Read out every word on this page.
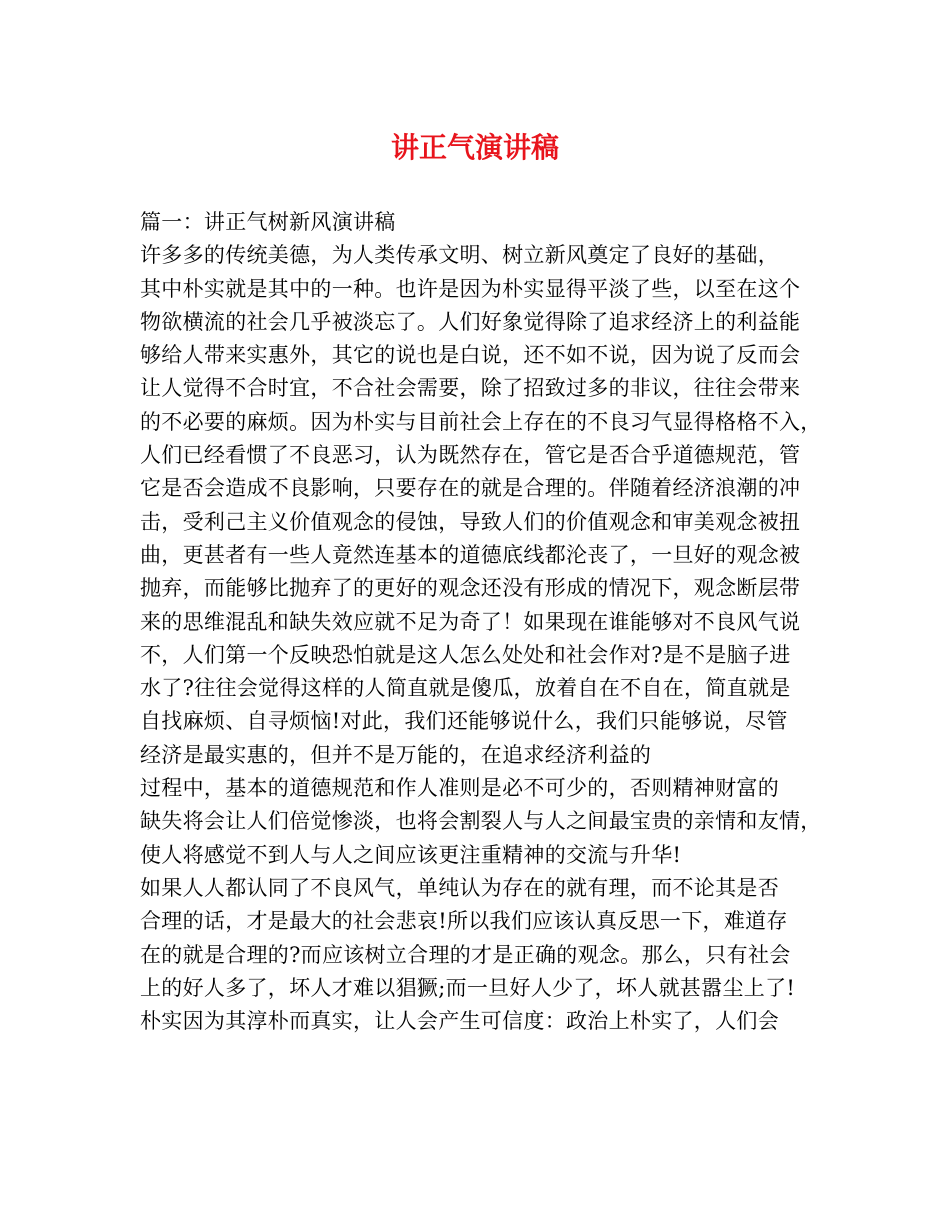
讲正气演讲稿
篇一：讲正气树新风演讲稿
许多多的传统美德，为人类传承文明、树立新风奠定了良好的基础，
其中朴实就是其中的一种。也许是因为朴实显得平淡了些，以至在这个
物欲横流的社会几乎被淡忘了。人们好象觉得除了追求经济上的利益能
够给人带来实惠外，其它的说也是白说，还不如不说，因为说了反而会
让人觉得不合时宜，不合社会需要，除了招致过多的非议，往往会带来
的不必要的麻烦。因为朴实与目前社会上存在的不良习气显得格格不入，
人们已经看惯了不良恶习，认为既然存在，管它是否合乎道德规范，管
它是否会造成不良影响，只要存在的就是合理的。伴随着经济浪潮的冲
击，受利己主义价值观念的侵蚀，导致人们的价值观念和审美观念被扭
曲，更甚者有一些人竟然连基本的道德底线都沦丧了，一旦好的观念被
抛弃，而能够比抛弃了的更好的观念还没有形成的情况下，观念断层带
来的思维混乱和缺失效应就不足为奇了！如果现在谁能够对不良风气说
不，人们第一个反映恐怕就是这人怎么处处和社会作对?是不是脑子进
水了?往往会觉得这样的人简直就是傻瓜，放着自在不自在，简直就是
自找麻烦、自寻烦恼!对此，我们还能够说什么，我们只能够说，尽管
经济是最实惠的，但并不是万能的，在追求经济利益的
过程中，基本的道德规范和作人准则是必不可少的，否则精神财富的
缺失将会让人们倍觉惨淡，也将会割裂人与人之间最宝贵的亲情和友情，
使人将感觉不到人与人之间应该更注重精神的交流与升华!
如果人人都认同了不良风气，单纯认为存在的就有理，而不论其是否
合理的话，才是最大的社会悲哀!所以我们应该认真反思一下，难道存
在的就是合理的?而应该树立合理的才是正确的观念。那么，只有社会
上的好人多了，坏人才难以猖獗;而一旦好人少了，坏人就甚嚣尘上了!
朴实因为其淳朴而真实，让人会产生可信度：政治上朴实了，人们会
